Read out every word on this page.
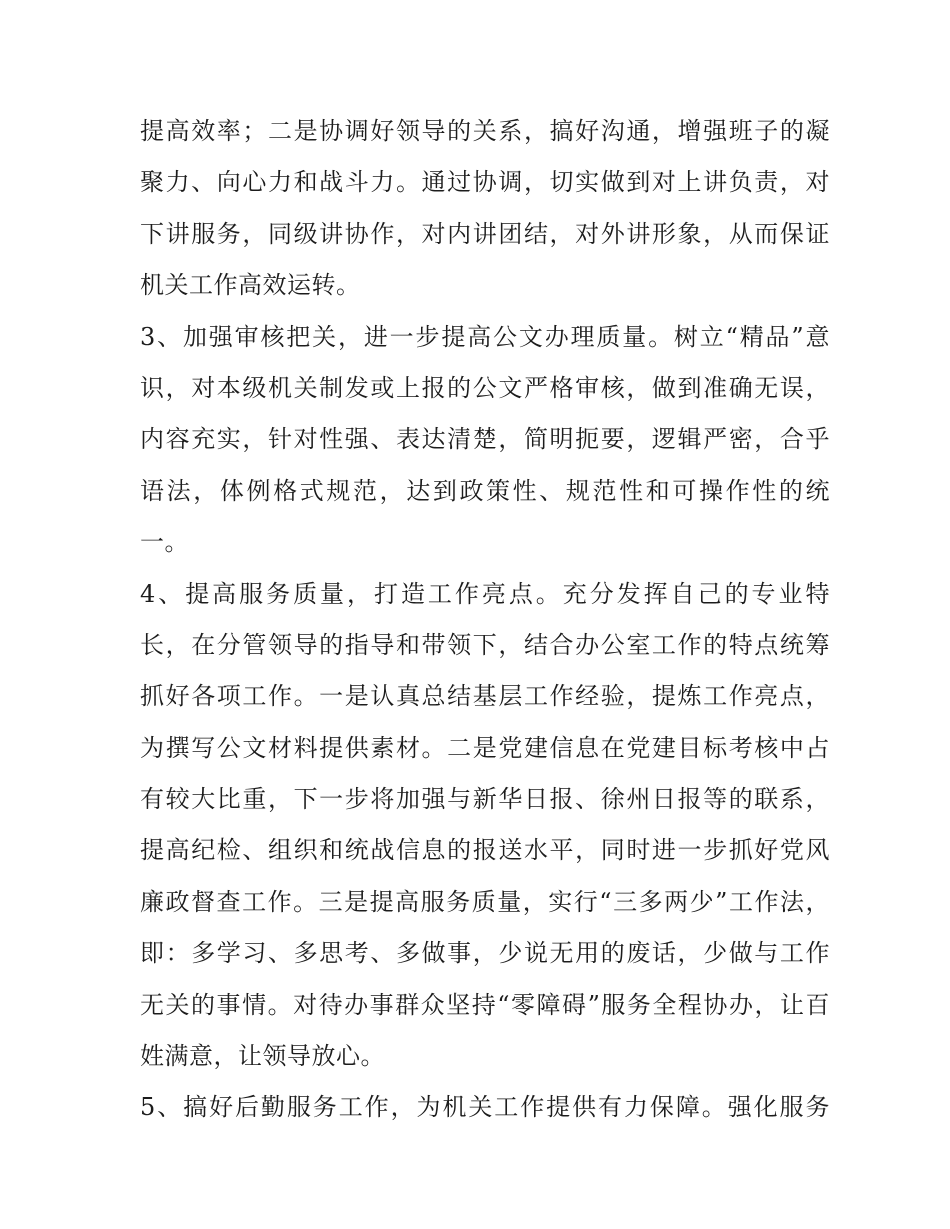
提高效率；二是协调好领导的关系，搞好沟通，增强班子的凝
聚力、向心力和战斗力。通过协调，切实做到对上讲负责，对
下讲服务，同级讲协作，对内讲团结，对外讲形象，从而保证
机关工作高效运转。
3、加强审核把关，进一步提高公文办理质量。树立“精品”意
识，对本级机关制发或上报的公文严格审核，做到准确无误，
内容充实，针对性强、表达清楚，简明扼要，逻辑严密，合乎
语法，体例格式规范，达到政策性、规范性和可操作性的统
一。
4、提高服务质量，打造工作亮点。充分发挥自己的专业特
长，在分管领导的指导和带领下，结合办公室工作的特点统筹
抓好各项工作。一是认真总结基层工作经验，提炼工作亮点，
为撰写公文材料提供素材。二是党建信息在党建目标考核中占
有较大比重，下一步将加强与新华日报、徐州日报等的联系，
提高纪检、组织和统战信息的报送水平，同时进一步抓好党风
廉政督查工作。三是提高服务质量，实行“三多两少”工作法，
即：多学习、多思考、多做事，少说无用的废话，少做与工作
无关的事情。对待办事群众坚持“零障碍”服务全程协办，让百
姓满意，让领导放心。
5、搞好后勤服务工作，为机关工作提供有力保障。强化服务
